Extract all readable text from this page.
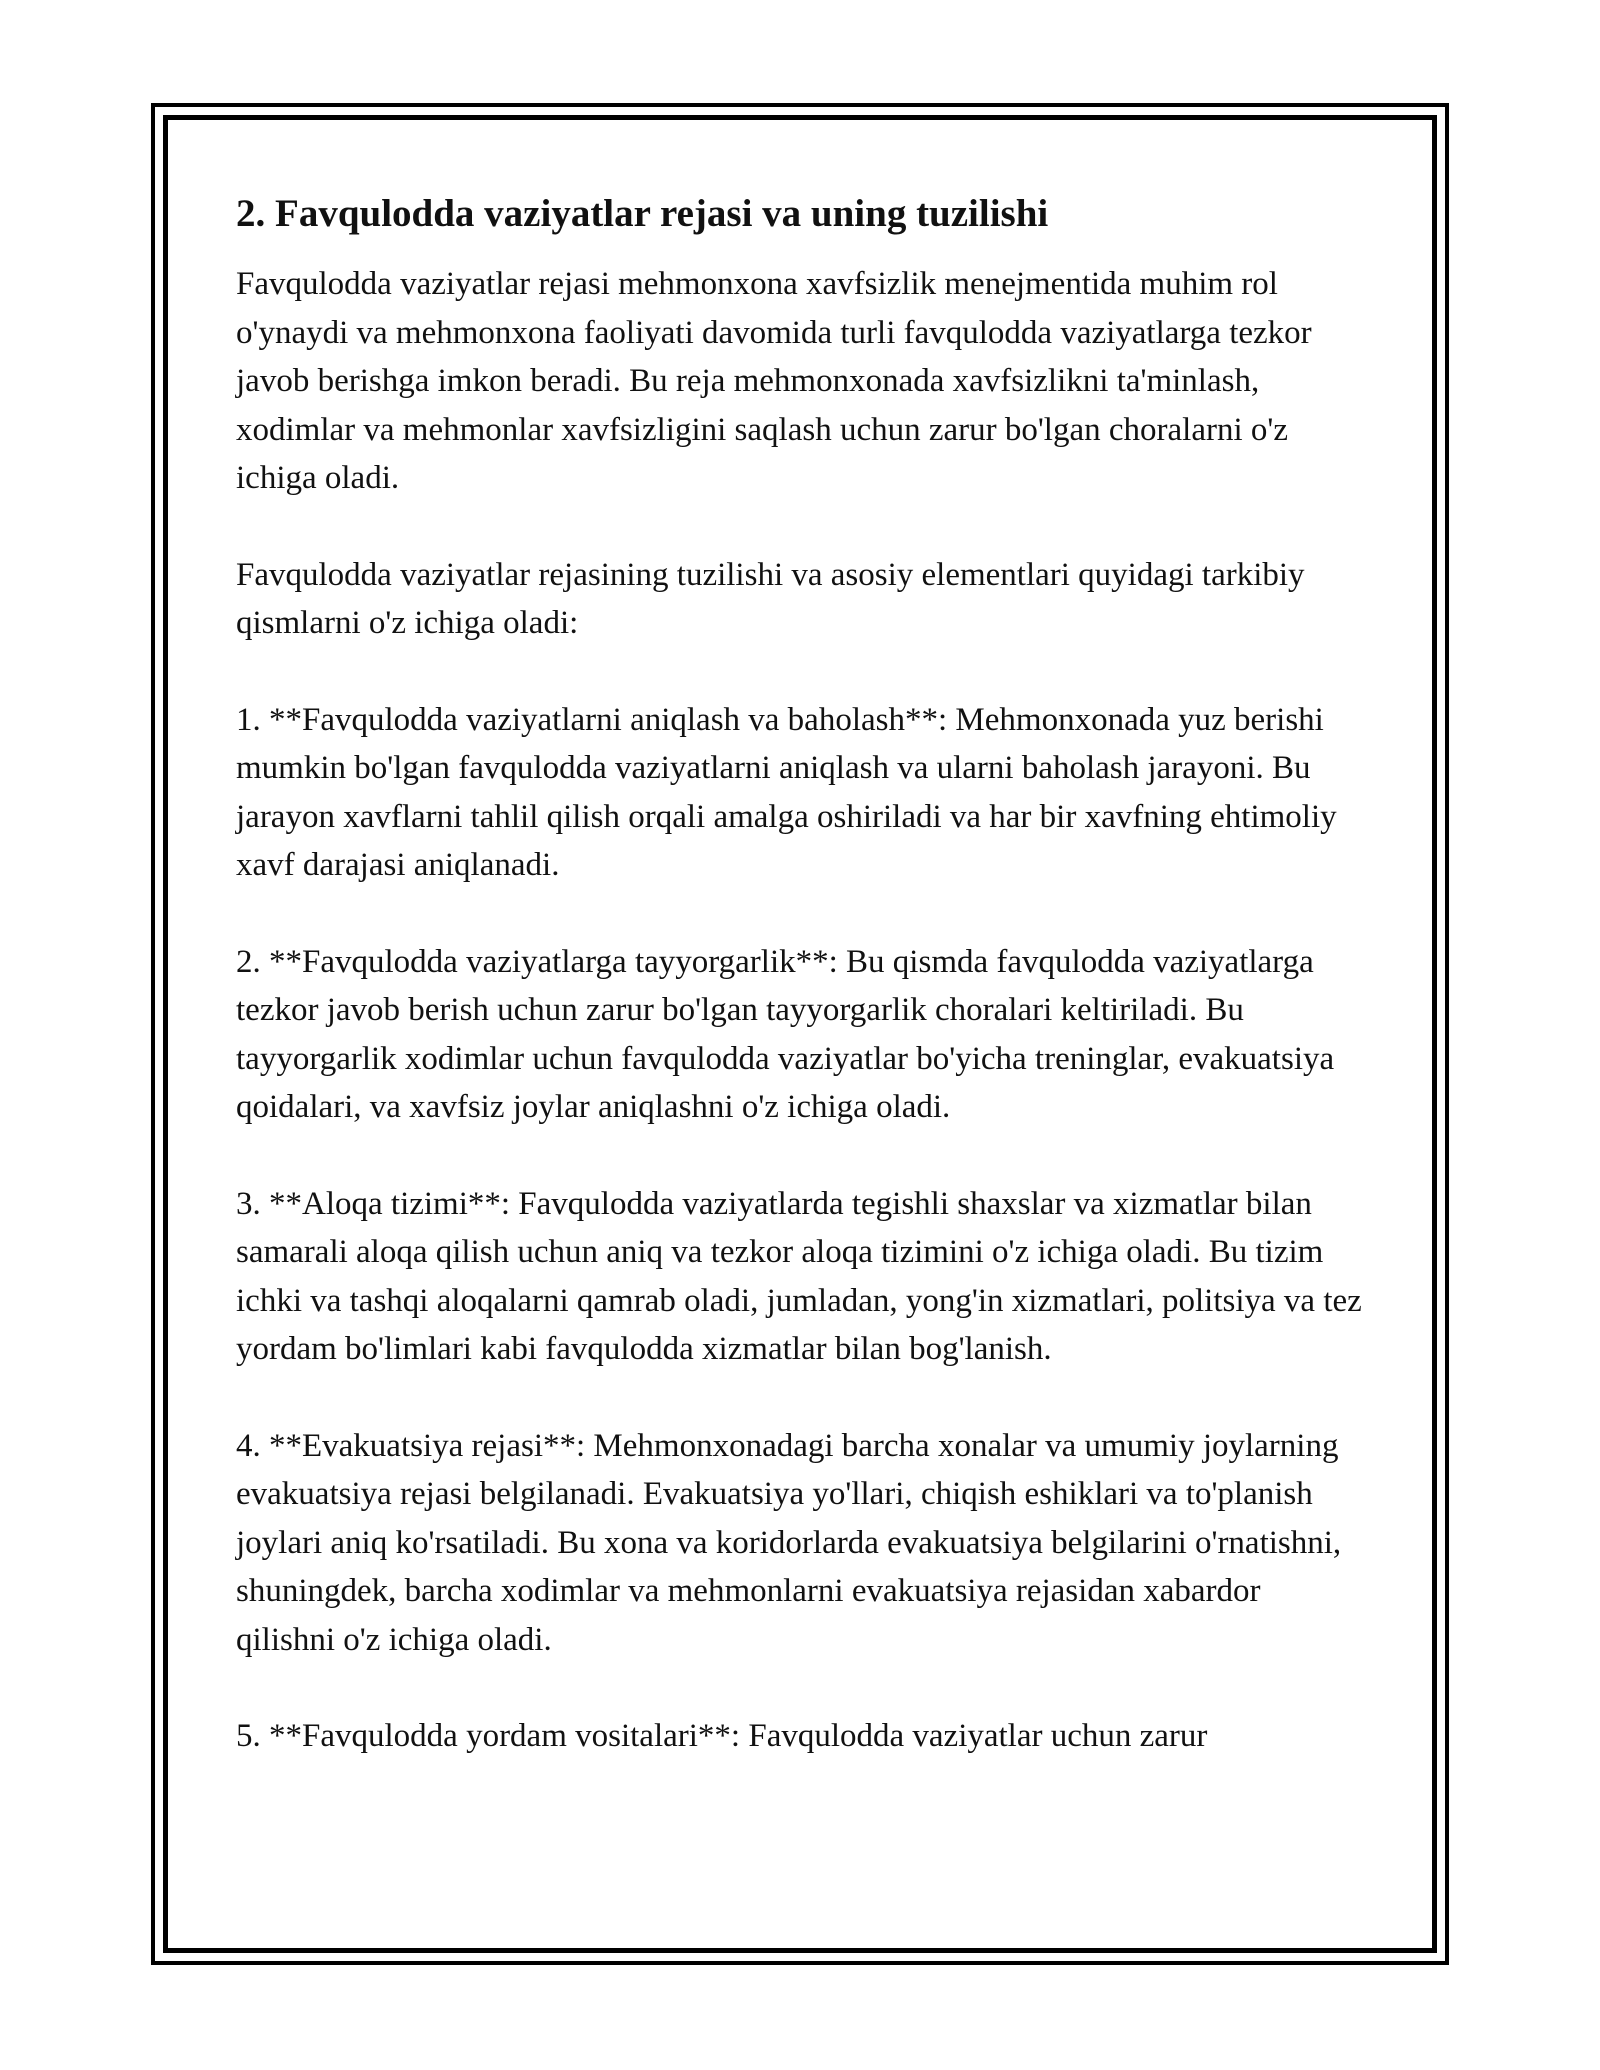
2. Favqulodda vaziyatlar rejasi va uning tuzilishi

Favqulodda vaziyatlar rejasi mehmonxona xavfsizlik menejmentida muhim rol o'ynaydi va mehmonxona faoliyati davomida turli favqulodda vaziyatlarga tezkor javob berishga imkon beradi. Bu reja mehmonxonada xavfsizlikni ta'minlash, xodimlar va mehmonlar xavfsizligini saqlash uchun zarur bo'lgan choralarni o'z ichiga oladi.

Favqulodda vaziyatlar rejasining tuzilishi va asosiy elementlari quyidagi tarkibiy qismlarni o'z ichiga oladi:

1. **Favqulodda vaziyatlarni aniqlash va baholash**: Mehmonxonada yuz berishi mumkin bo'lgan favqulodda vaziyatlarni aniqlash va ularni baholash jarayoni. Bu jarayon xavflarni tahlil qilish orqali amalga oshiriladi va har bir xavfning ehtimoliy xavf darajasi aniqlanadi.

2. **Favqulodda vaziyatlarga tayyorgarlik**: Bu qismda favqulodda vaziyatlarga tezkor javob berish uchun zarur bo'lgan tayyorgarlik choralari keltiriladi. Bu tayyorgarlik xodimlar uchun favqulodda vaziyatlar bo'yicha treninglar, evakuatsiya qoidalari, va xavfsiz joylar aniqlashni o'z ichiga oladi.

3. **Aloqa tizimi**: Favqulodda vaziyatlarda tegishli shaxslar va xizmatlar bilan samarali aloqa qilish uchun aniq va tezkor aloqa tizimini o'z ichiga oladi. Bu tizim ichki va tashqi aloqalarni qamrab oladi, jumladan, yong'in xizmatlari, politsiya va tez yordam bo'limlari kabi favqulodda xizmatlar bilan bog'lanish.

4. **Evakuatsiya rejasi**: Mehmonxonadagi barcha xonalar va umumiy joylarning evakuatsiya rejasi belgilanadi. Evakuatsiya yo'llari, chiqish eshiklari va to'planish joylari aniq ko'rsatiladi. Bu xona va koridorlarda evakuatsiya belgilarini o'rnatishni, shuningdek, barcha xodimlar va mehmonlarni evakuatsiya rejasidan xabardor qilishni o'z ichiga oladi.

5. **Favqulodda yordam vositalari**: Favqulodda vaziyatlar uchun zarur
